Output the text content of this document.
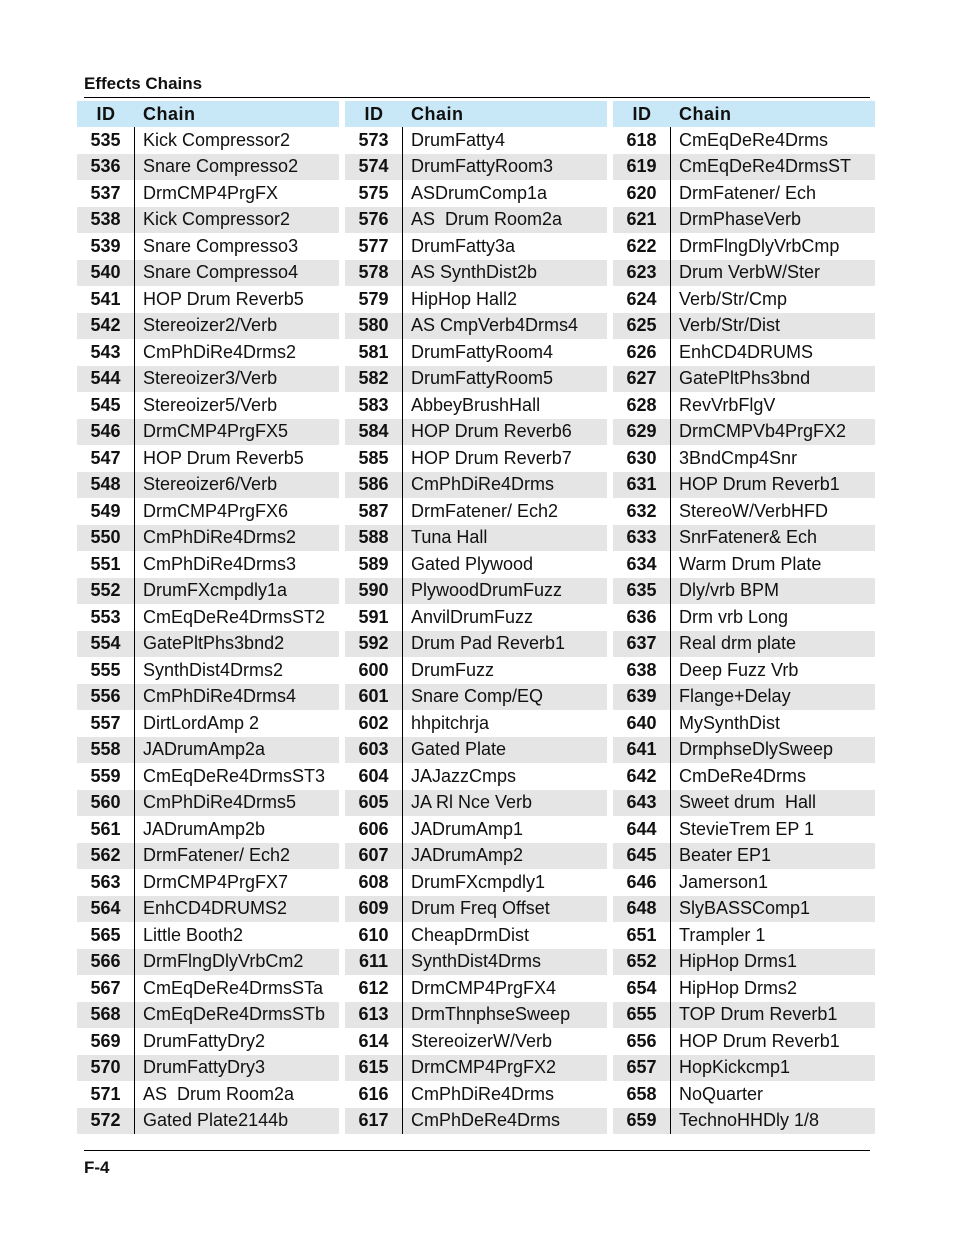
Effects Chains
ID	Chain
535	Kick Compressor2
536	Snare Compresso2
537	DrmCMP4PrgFX
538	Kick Compressor2
539	Snare Compresso3
540	Snare Compresso4
541	HOP Drum Reverb5
542	Stereoizer2/Verb
543	CmPhDiRe4Drms2
544	Stereoizer3/Verb
545	Stereoizer5/Verb
546	DrmCMP4PrgFX5
547	HOP Drum Reverb5
548	Stereoizer6/Verb
549	DrmCMP4PrgFX6
550	CmPhDiRe4Drms2
551	CmPhDiRe4Drms3
552	DrumFXcmpdly1a
553	CmEqDeRe4DrmsST2
554	GatePltPhs3bnd2
555	SynthDist4Drms2
556	CmPhDiRe4Drms4
557	DirtLordAmp 2
558	JADrumAmp2a
559	CmEqDeRe4DrmsST3
560	CmPhDiRe4Drms5
561	JADrumAmp2b
562	DrmFatener/ Ech2
563	DrmCMP4PrgFX7
564	EnhCD4DRUMS2
565	Little Booth2
566	DrmFlngDlyVrbCm2
567	CmEqDeRe4DrmsSTa
568	CmEqDeRe4DrmsSTb
569	DrumFattyDry2
570	DrumFattyDry3
571	AS  Drum Room2a
572	Gated Plate2144b
ID	Chain
573	DrumFatty4
574	DrumFattyRoom3
575	ASDrumComp1a
576	AS  Drum Room2a
577	DrumFatty3a
578	AS SynthDist2b
579	HipHop Hall2
580	AS CmpVerb4Drms4
581	DrumFattyRoom4
582	DrumFattyRoom5
583	AbbeyBrushHall
584	HOP Drum Reverb6
585	HOP Drum Reverb7
586	CmPhDiRe4Drms
587	DrmFatener/ Ech2
588	Tuna Hall
589	Gated Plywood
590	PlywoodDrumFuzz
591	AnvilDrumFuzz
592	Drum Pad Reverb1
600	DrumFuzz
601	Snare Comp/EQ
602	hhpitchrja
603	Gated Plate
604	JAJazzCmps
605	JA Rl Nce Verb
606	JADrumAmp1
607	JADrumAmp2
608	DrumFXcmpdly1
609	Drum Freq Offset
610	CheapDrmDist
611	SynthDist4Drms
612	DrmCMP4PrgFX4
613	DrmThnphseSweep
614	StereoizerW/Verb
615	DrmCMP4PrgFX2
616	CmPhDiRe4Drms
617	CmPhDeRe4Drms
ID	Chain
618	CmEqDeRe4Drms
619	CmEqDeRe4DrmsST
620	DrmFatener/ Ech
621	DrmPhaseVerb
622	DrmFlngDlyVrbCmp
623	Drum VerbW/Ster
624	Verb/Str/Cmp
625	Verb/Str/Dist
626	EnhCD4DRUMS
627	GatePltPhs3bnd
628	RevVrbFlgV
629	DrmCMPVb4PrgFX2
630	3BndCmp4Snr
631	HOP Drum Reverb1
632	StereoW/VerbHFD
633	SnrFatener& Ech
634	Warm Drum Plate
635	Dly/vrb BPM
636	Drm vrb Long
637	Real drm plate
638	Deep Fuzz Vrb
639	Flange+Delay
640	MySynthDist
641	DrmphseDlySweep
642	CmDeRe4Drms
643	Sweet drum  Hall
644	StevieTrem EP 1
645	Beater EP1
646	Jamerson1
648	SlyBASSComp1
651	Trampler 1
652	HipHop Drms1
654	HipHop Drms2
655	TOP Drum Reverb1
656	HOP Drum Reverb1
657	HopKickcmp1
658	NoQuarter
659	TechnoHHDly 1/8
F-4
